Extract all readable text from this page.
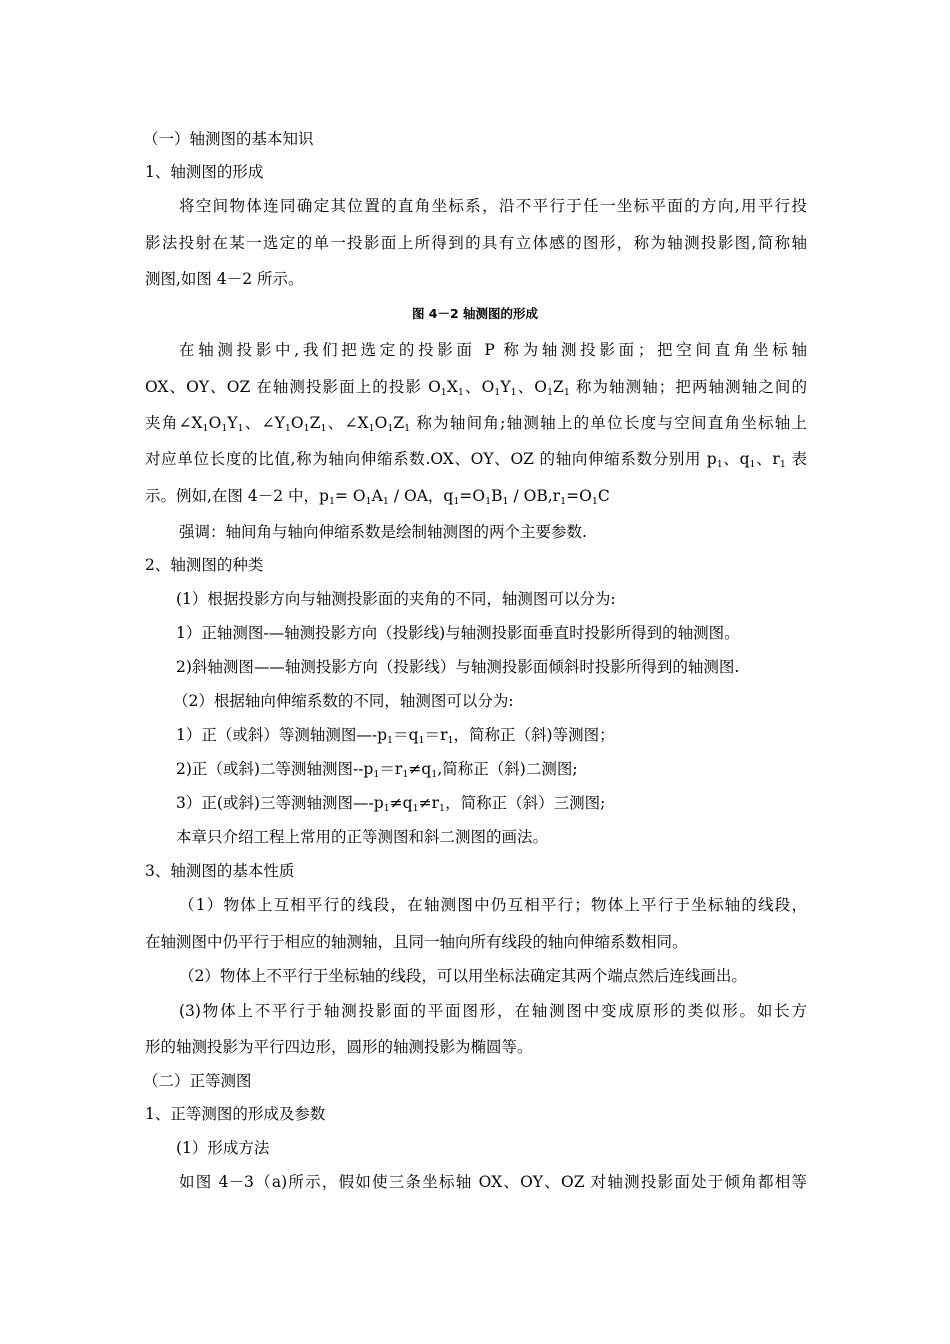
（一）轴测图的基本知识
1、轴测图的形成
将空间物体连同确定其位置的直角坐标系，沿不平行于任一坐标平面的方向,用平行投
影法投射在某一选定的单一投影面上所得到的具有立体感的图形，称为轴测投影图,简称轴
测图,如图 4－2 所示。
图 4－2 轴测图的形成
在轴测投影中,我们把选定的投影面 P 称为轴测投影面；把空间直角坐标轴
OX、OY、OZ 在轴测投影面上的投影 $O_1X_1$、$O_1Y_1$、$O_1Z_1$ 称为轴测轴；把两轴测轴之间的
夹角$\angle X_1O_1Y_1$、$\angle Y_1O_1Z_1$、$\angle X_1O_1Z_1$ 称为轴间角;轴测轴上的单位长度与空间直角坐标轴上
对应单位长度的比值,称为轴向伸缩系数.OX、OY、OZ 的轴向伸缩系数分别用 $p_1$、$q_1$、$r_1$ 表
示。例如,在图 4－2 中，$p_1= O_1A_1$ / OA，$q_1=O_1B_1 / OB,r_1=O_1C$
强调：轴间角与轴向伸缩系数是绘制轴测图的两个主要参数.
2、轴测图的种类
(1）根据投影方向与轴测投影面的夹角的不同，轴测图可以分为:
1）正轴测图-—轴测投影方向（投影线)与轴测投影面垂直时投影所得到的轴测图。
2)斜轴测图——轴测投影方向（投影线）与轴测投影面倾斜时投影所得到的轴测图.
（2）根据轴向伸缩系数的不同，轴测图可以分为:
1）正（或斜）等测轴测图$—-p_1=q_1=r_1$，简称正（斜)等测图；
2)正（或斜)二等测轴测图$--p_1=r_1\ne q_1$,简称正（斜)二测图;
3）正(或斜)三等测轴测图$—-p_1\ne q_1\ne r_1$，简称正（斜）三测图;
本章只介绍工程上常用的正等测图和斜二测图的画法。
3、轴测图的基本性质
（1）物体上互相平行的线段，在轴测图中仍互相平行；物体上平行于坐标轴的线段，
在轴测图中仍平行于相应的轴测轴，且同一轴向所有线段的轴向伸缩系数相同。
（2）物体上不平行于坐标轴的线段，可以用坐标法确定其两个端点然后连线画出。
(3)物体上不平行于轴测投影面的平面图形，在轴测图中变成原形的类似形。如长方
形的轴测投影为平行四边形，圆形的轴测投影为椭圆等。
（二）正等测图
1、正等测图的形成及参数
(1）形成方法
如图 4－3（a)所示，假如使三条坐标轴 OX、OY、OZ 对轴测投影面处于倾角都相等
